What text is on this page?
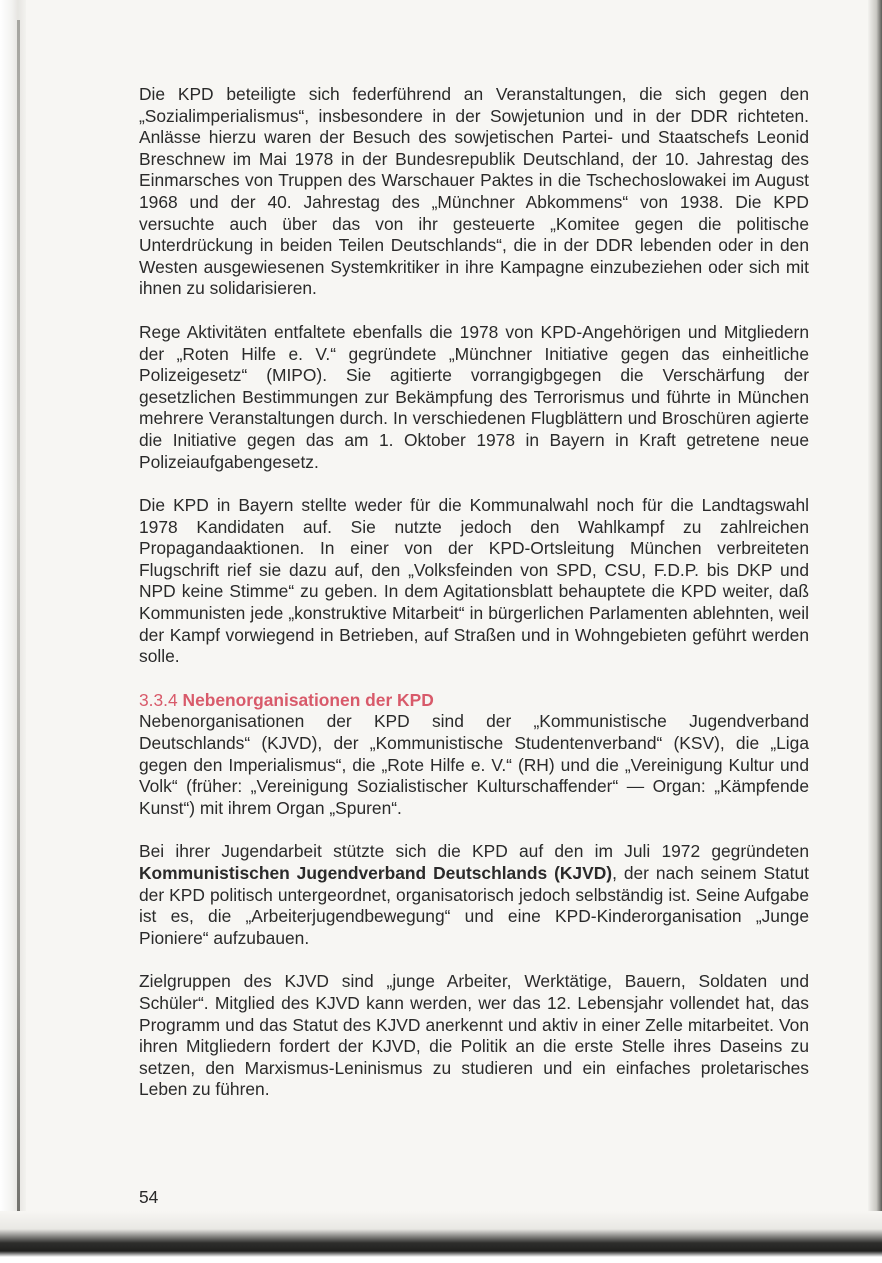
Die KPD beteiligte sich federführend an Veranstaltungen, die sich gegen den „Sozialimperialismus“, insbesondere in der Sowjetunion und in der DDR richteten. Anlässe hierzu waren der Besuch des sowjetischen Partei- und Staatschefs Leonid Breschnew im Mai 1978 in der Bundesrepublik Deutschland, der 10. Jahrestag des Einmarsches von Truppen des Warschauer Paktes in die Tschechoslowakei im August 1968 und der 40. Jahrestag des „Münchner Abkommens“ von 1938. Die KPD versuchte auch über das von ihr gesteuerte „Komitee gegen die politische Unterdrückung in beiden Teilen Deutschlands“, die in der DDR lebenden oder in den Westen ausgewiesenen Systemkritiker in ihre Kampagne einzubeziehen oder sich mit ihnen zu solidarisieren.

Rege Aktivitäten entfaltete ebenfalls die 1978 von KPD-Angehörigen und Mitgliedern der „Roten Hilfe e. V.“ gegründete „Münchner Initiative gegen das einheitliche Polizeigesetz“ (MIPO). Sie agitierte vorrangigbgegen die Verschärfung der gesetzlichen Bestimmungen zur Bekämpfung des Terrorismus und führte in München mehrere Veranstaltungen durch. In verschiedenen Flugblättern und Broschüren agierte die Initiative gegen das am 1. Oktober 1978 in Bayern in Kraft getretene neue Polizeiaufgabengesetz.

Die KPD in Bayern stellte weder für die Kommunalwahl noch für die Landtagswahl 1978 Kandidaten auf. Sie nutzte jedoch den Wahlkampf zu zahlreichen Propagandaaktionen. In einer von der KPD-Ortsleitung München verbreiteten Flugschrift rief sie dazu auf, den „Volksfeinden von SPD, CSU, F.D.P. bis DKP und NPD keine Stimme“ zu geben. In dem Agitationsblatt behauptete die KPD weiter, daß Kommunisten jede „konstruktive Mitarbeit“ in bürgerlichen Parlamenten ablehnten, weil der Kampf vorwiegend in Betrieben, auf Straßen und in Wohngebieten geführt werden solle.

3.3.4 Nebenorganisationen der KPD

Nebenorganisationen der KPD sind der „Kommunistische Jugendverband Deutschlands“ (KJVD), der „Kommunistische Studentenverband“ (KSV), die „Liga gegen den Imperialismus“, die „Rote Hilfe e. V.“ (RH) und die „Vereinigung Kultur und Volk“ (früher: „Vereinigung Sozialistischer Kulturschaffender“ — Organ: „Kämpfende Kunst“) mit ihrem Organ „Spuren“.

Bei ihrer Jugendarbeit stützte sich die KPD auf den im Juli 1972 gegründeten Kommunistischen Jugendverband Deutschlands (KJVD), der nach seinem Statut der KPD politisch untergeordnet, organisatorisch jedoch selbständig ist. Seine Aufgabe ist es, die „Arbeiterjugendbewegung“ und eine KPD-Kinderorganisation „Junge Pioniere“ aufzubauen.

Zielgruppen des KJVD sind „junge Arbeiter, Werktätige, Bauern, Soldaten und Schüler“. Mitglied des KJVD kann werden, wer das 12. Lebensjahr vollendet hat, das Programm und das Statut des KJVD anerkennt und aktiv in einer Zelle mitarbeitet. Von ihren Mitgliedern fordert der KJVD, die Politik an die erste Stelle ihres Daseins zu setzen, den Marxismus-Leninismus zu studieren und ein einfaches proletarisches Leben zu führen.

54
